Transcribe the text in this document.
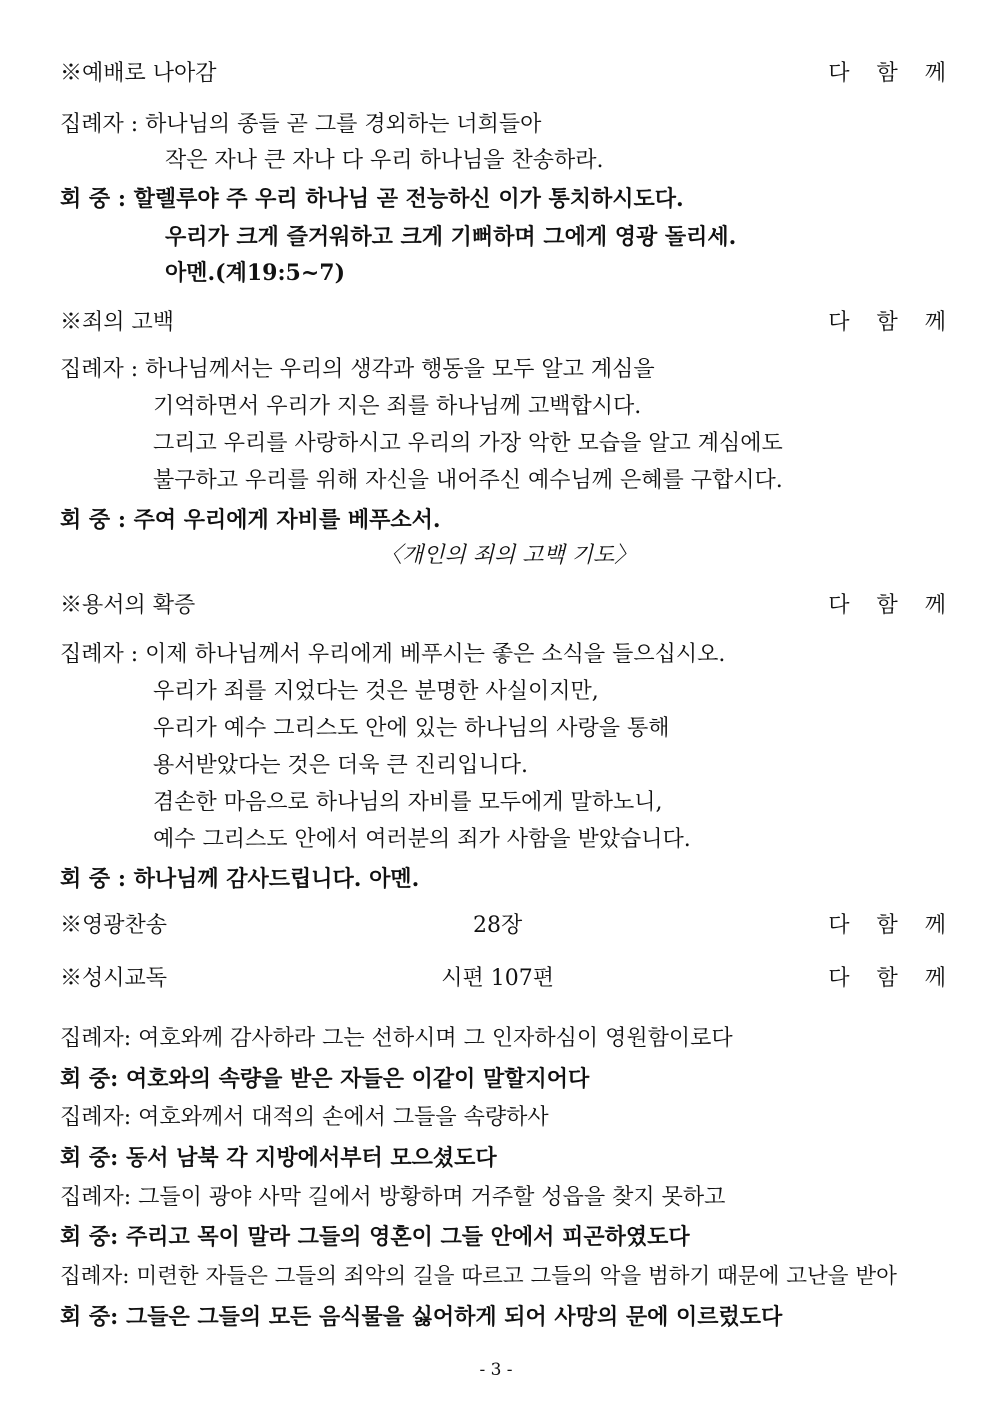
※예배로 나아감	다 함 께
집례자 : 하나님의 종들 곧 그를 경외하는 너희들아
작은 자나 큰 자나 다 우리 하나님을 찬송하라.
회 중 : 할렐루야 주 우리 하나님 곧 전능하신 이가 통치하시도다.
우리가 크게 즐거워하고 크게 기뻐하며 그에게 영광 돌리세.
아멘.(계19:5~7)
※죄의 고백	다 함 께
집례자 : 하나님께서는 우리의 생각과 행동을 모두 알고 계심을
기억하면서 우리가 지은 죄를 하나님께 고백합시다.
그리고 우리를 사랑하시고 우리의 가장 악한 모습을 알고 계심에도
불구하고 우리를 위해 자신을 내어주신 예수님께 은혜를 구합시다.
회 중 : 주여 우리에게 자비를 베푸소서.
〈개인의 죄의 고백 기도〉
※용서의 확증	다 함 께
집례자 : 이제 하나님께서 우리에게 베푸시는 좋은 소식을 들으십시오.
우리가 죄를 지었다는 것은 분명한 사실이지만,
우리가 예수 그리스도 안에 있는 하나님의 사랑을 통해
용서받았다는 것은 더욱 큰 진리입니다.
겸손한 마음으로 하나님의 자비를 모두에게 말하노니,
예수 그리스도 안에서 여러분의 죄가 사함을 받았습니다.
회 중 : 하나님께 감사드립니다. 아멘.
※영광찬송	28장	다 함 께
※성시교독	시편 107편	다 함 께
집례자: 여호와께 감사하라 그는 선하시며 그 인자하심이 영원함이로다
회 중: 여호와의 속량을 받은 자들은 이같이 말할지어다
집례자: 여호와께서 대적의 손에서 그들을 속량하사
회 중: 동서 남북 각 지방에서부터 모으셨도다
집례자: 그들이 광야 사막 길에서 방황하며 거주할 성읍을 찾지 못하고
회 중: 주리고 목이 말라 그들의 영혼이 그들 안에서 피곤하였도다
집례자: 미련한 자들은 그들의 죄악의 길을 따르고 그들의 악을 범하기 때문에 고난을 받아
회 중: 그들은 그들의 모든 음식물을 싫어하게 되어 사망의 문에 이르렀도다
- 3 -
